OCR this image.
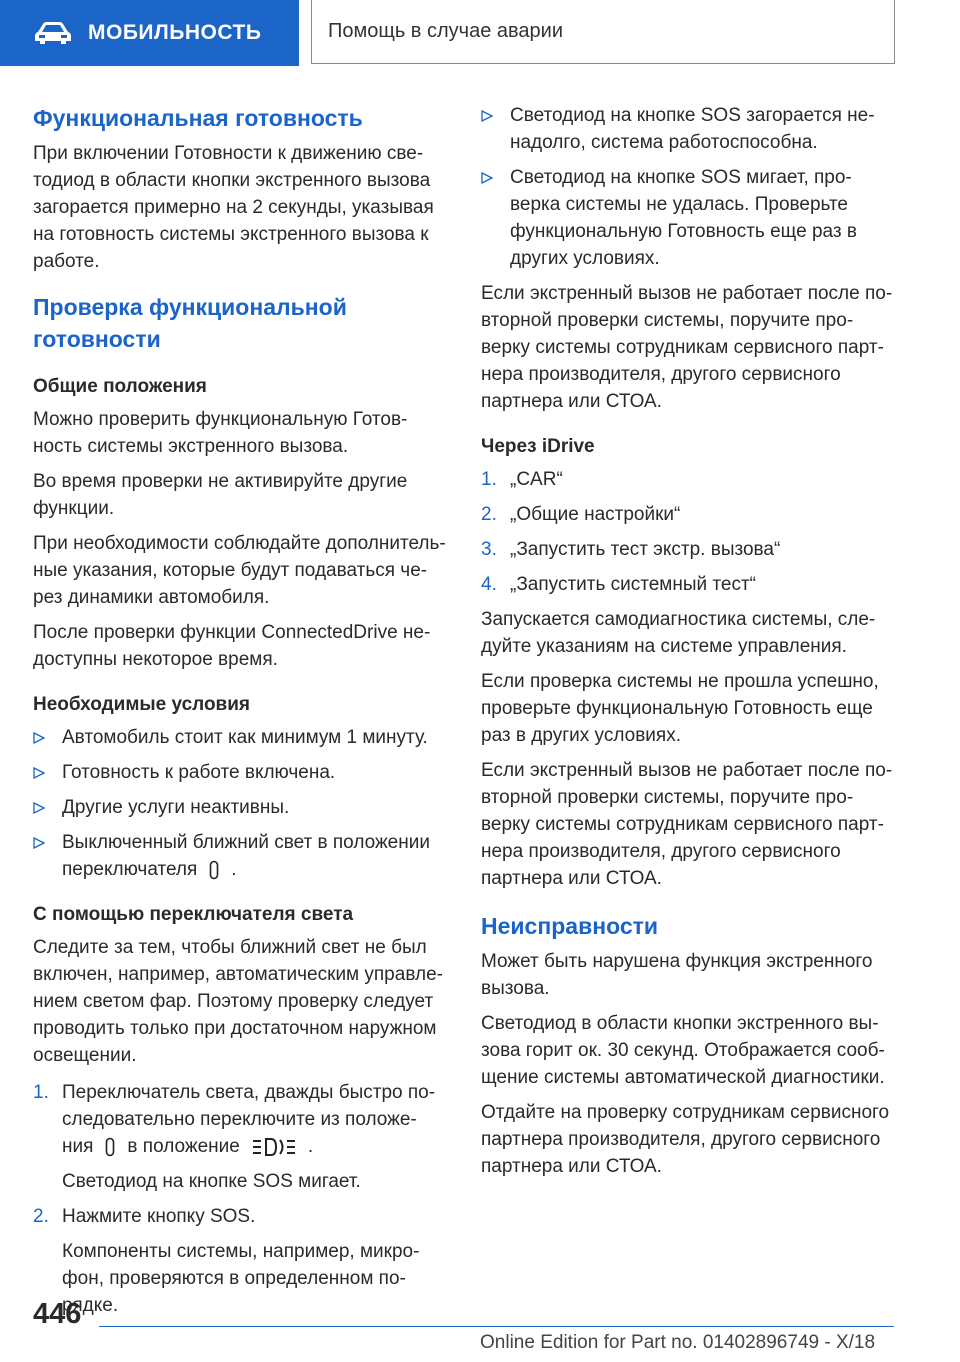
МОБИЛЬНОСТЬ	Помощь в случае аварии
Функциональная готовность

При включении Готовности к движению све-тодиод в области кнопки экстренного вызова загорается примерно на 2 секунды, указывая на готовность системы экстренного вызова к работе.

Проверка функциональной готовности
Общие положения

Можно проверить функциональную Готов-ность системы экстренного вызова.

Во время проверки не активируйте другие функции.

При необходимости соблюдайте дополнитель-ные указания, которые будут подаваться че-рез динамики автомобиля.

После проверки функции ConnectedDrive не-доступны некоторое время.

Необходимые условия
Автомобиль стоит как минимум 1 минуту.
Готовность к работе включена.
Другие услуги неактивны.
Выключенный ближний свет в положении переключателя .
С помощью переключателя света

Следите за тем, чтобы ближний свет не был включен, например, автоматическим управле-нием светом фар. Поэтому проверку следует проводить только при достаточном наружном освещении.

1. Переключатель света, дважды быстро по-следовательно переключите из положе-ния в положение	.

Светодиод на кнопке SOS мигает.

2. Нажмите кнопку SOS.

Компоненты системы, например, микро-фон, проверяются в определенном по-рядке.

Светодиод на кнопке SOS загорается не-надолго, система работоспособна.
Светодиод на кнопке SOS мигает, про-верка системы не удалась. Проверьте функциональную Готовность еще раз в других условиях.

Если экстренный вызов не работает после по-вторной проверки системы, поручите про-верку системы сотрудникам сервисного парт-нера производителя, другого сервисного партнера или СТОА.

Через iDrive
1. „CAR“
2. „Общие настройки“
3. „Запустить тест экстр. вызова“
4. „Запустить системный тест“

Запускается самодиагностика системы, сле-дуйте указаниям на системе управления.

Если проверка системы не прошла успешно, проверьте функциональную Готовность еще раз в других условиях.

Если экстренный вызов не работает после по-вторной проверки системы, поручите про-верку системы сотрудникам сервисного парт-нера производителя, другого сервисного партнера или СТОА.

Неисправности

Может быть нарушена функция экстренного вызова.

Светодиод в области кнопки экстренного вы-зова горит ок. 30 секунд. Отображается сооб-щение системы автоматической диагностики.

Отдайте на проверку сотрудникам сервисного партнера производителя, другого сервисного партнера или СТОА.

446
Online Edition for Part no. 01402896749 - X/18
